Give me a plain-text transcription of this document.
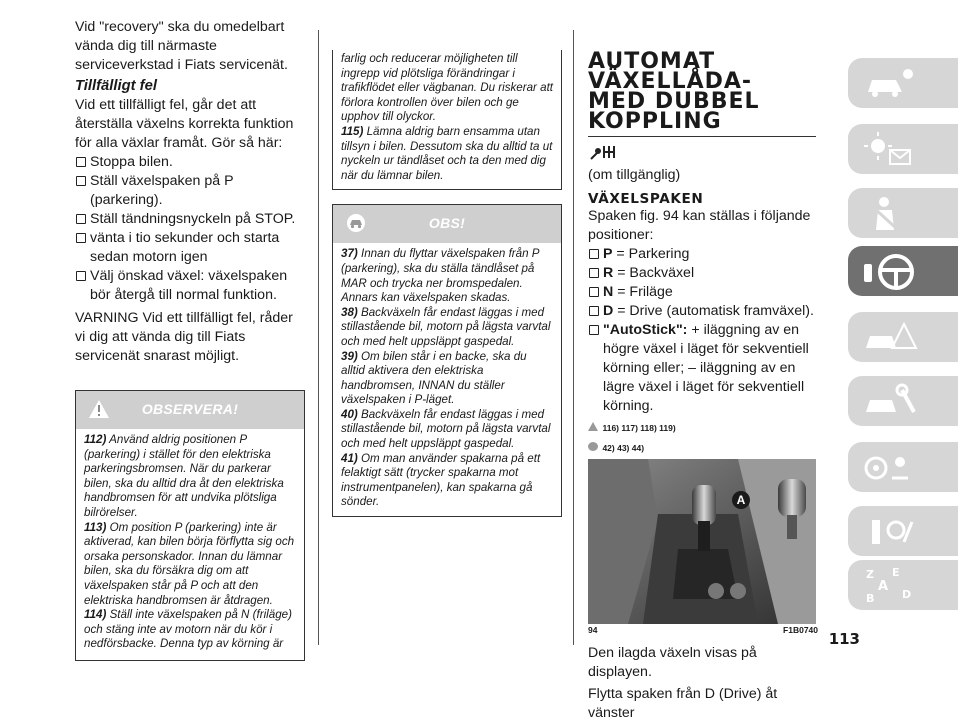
Vid "recovery" ska du omedelbart vända dig till närmaste serviceverkstad i Fiats servicenät.

Tillfälligt fel

Vid ett tillfälligt fel, går det att återställa växelns korrekta funktion för alla växlar framåt. Gör så här:

Stoppa bilen.
Ställ växelspaken på P (parkering).
Ställ tändningsnyckeln på STOP.
vänta i tio sekunder och starta sedan motorn igen
Välj önskad växel: växelspaken bör återgå till normal funktion.

VARNING Vid ett tillfälligt fel, råder vi dig att vända dig till Fiats servicenät snarast möjligt.

OBSERVERA!

112) Använd aldrig positionen P (parkering) i stället för den elektriska parkeringsbromsen. När du parkerar bilen, ska du alltid dra åt den elektriska handbromsen för att undvika plötsliga bilrörelser.

113) Om position P (parkering) inte är aktiverad, kan bilen börja förflytta sig och orsaka personskador. Innan du lämnar bilen, ska du försäkra dig om att växelspaken står på P och att den elektriska handbromsen är åtdragen.

114) Ställ inte växelspaken på N (friläge) och stäng inte av motorn när du kör i nedförsbacke. Denna typ av körning är

farlig och reducerar möjligheten till ingrepp vid plötsliga förändringar i trafikflödet eller vägbanan. Du riskerar att förlora kontrollen över bilen och ge upphov till olyckor.

115) Lämna aldrig barn ensamma utan tillsyn i bilen. Dessutom ska du alltid ta ut nyckeln ur tändlåset och ta den med dig när du lämnar bilen.

OBS!

37) Innan du flyttar växelspaken från P (parkering), ska du ställa tändlåset på MAR och trycka ner bromspedalen. Annars kan växelspaken skadas.

38) Backväxeln får endast läggas i med stillastående bil, motorn på lägsta varvtal och med helt uppsläppt gaspedal.

39) Om bilen står i en backe, ska du alltid aktivera den elektriska handbromsen, INNAN du ställer växelspaken i P-läget.

40) Backväxeln får endast läggas i med stillastående bil, motorn på lägsta varvtal och med helt uppsläppt gaspedal.

41) Om man använder spakarna på ett felaktigt sätt (trycker spakarna mot instrumentpanelen), kan spakarna gå sönder.

AUTOMAT

VÄXELLÅDA-

MED DUBBEL

KOPPLING

(om tillgänglig)

VÄXELSPAKEN

Spaken fig. 94 kan ställas i följande positioner:

P = Parkering
R = Backväxel
N = Friläge
D = Drive (automatisk framväxel).
"AutoStick": + iläggning av en högre växel i läget för sekventiell körning eller; – iläggning av en lägre växel i läget för sekventiell körning.
116) 117) 118) 119)
42) 43) 44)
A
94	F1B0740

Den ilagda växeln visas på displayen.

Flytta spaken från D (Drive) åt vänster

Z E
A
B	D
113
